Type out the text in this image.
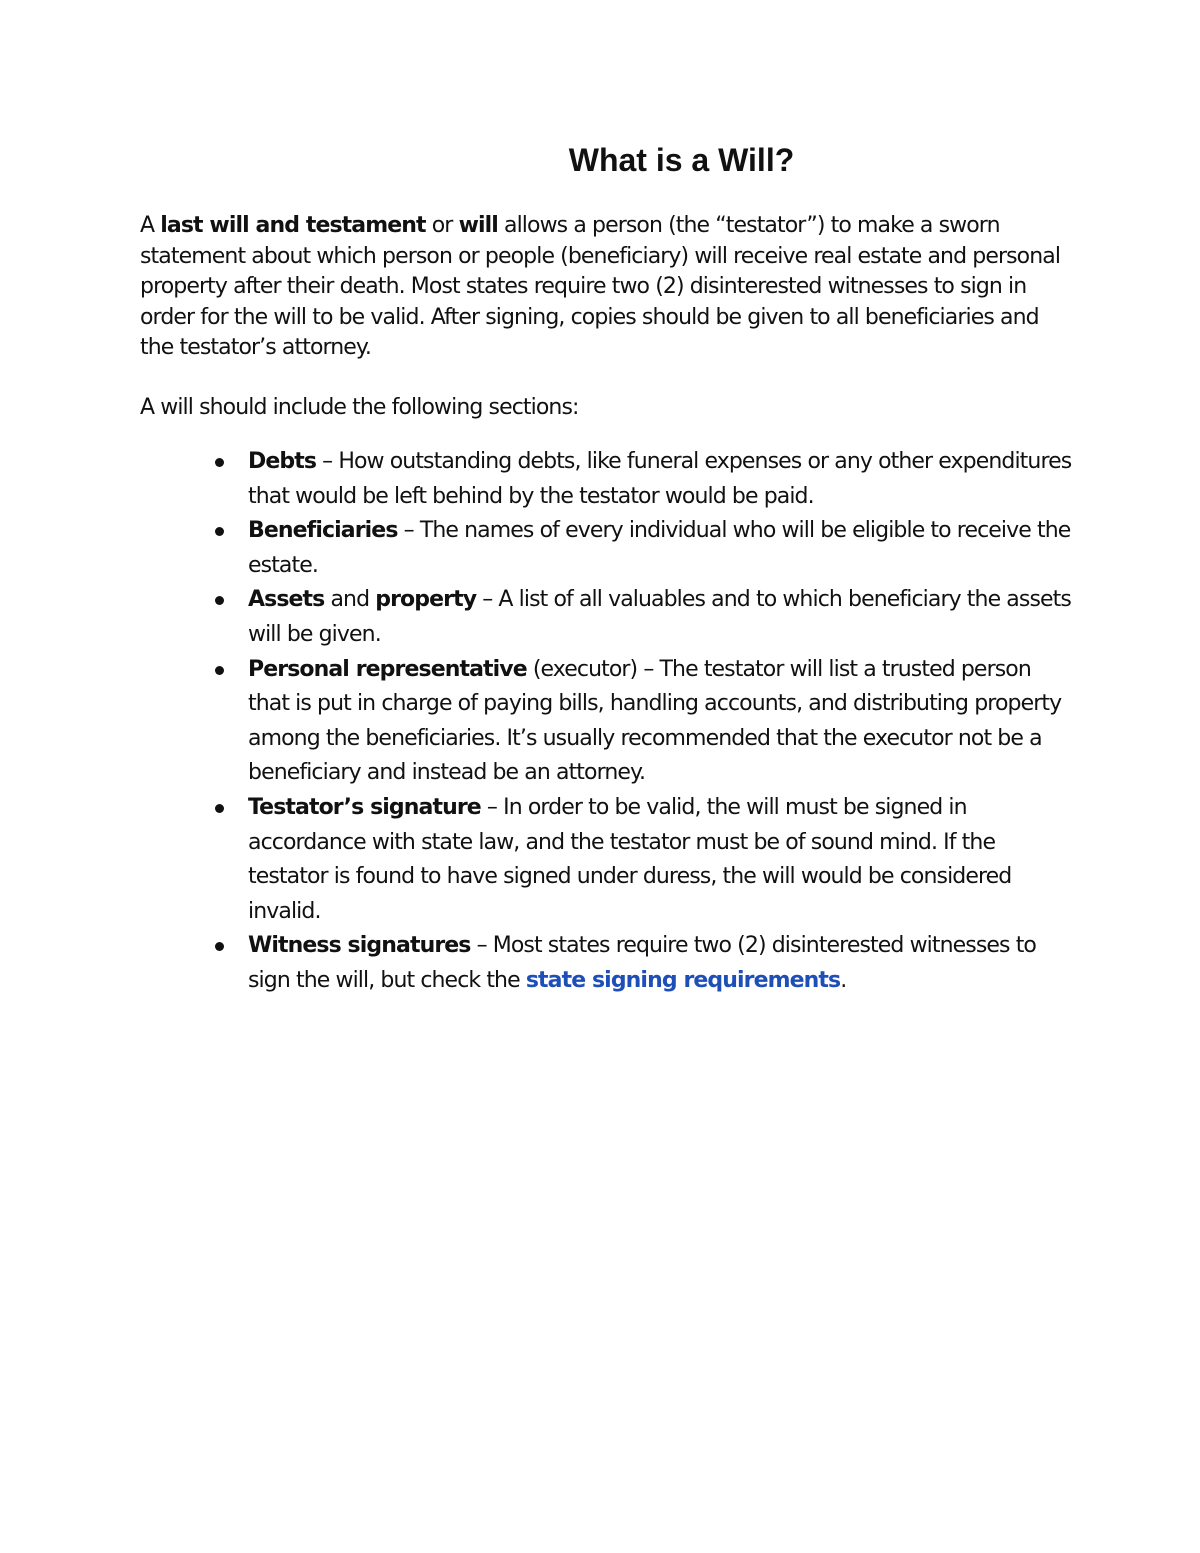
What is a Will?

A last will and testament or will allows a person (the “testator”) to make a sworn statement about which person or people (beneficiary) will receive real estate and personal property after their death. Most states require two (2) disinterested witnesses to sign in order for the will to be valid. After signing, copies should be given to all beneficiaries and the testator’s attorney.

A will should include the following sections:

Debts – How outstanding debts, like funeral expenses or any other expenditures that would be left behind by the testator would be paid.
Beneficiaries – The names of every individual who will be eligible to receive the estate.
Assets and property – A list of all valuables and to which beneficiary the assets will be given.
Personal representative (executor) – The testator will list a trusted person that is put in charge of paying bills, handling accounts, and distributing property among the beneficiaries. It’s usually recommended that the executor not be a beneficiary and instead be an attorney.
Testator’s signature – In order to be valid, the will must be signed in accordance with state law, and the testator must be of sound mind. If the testator is found to have signed under duress, the will would be considered invalid.
Witness signatures – Most states require two (2) disinterested witnesses to sign the will, but check the state signing requirements.
